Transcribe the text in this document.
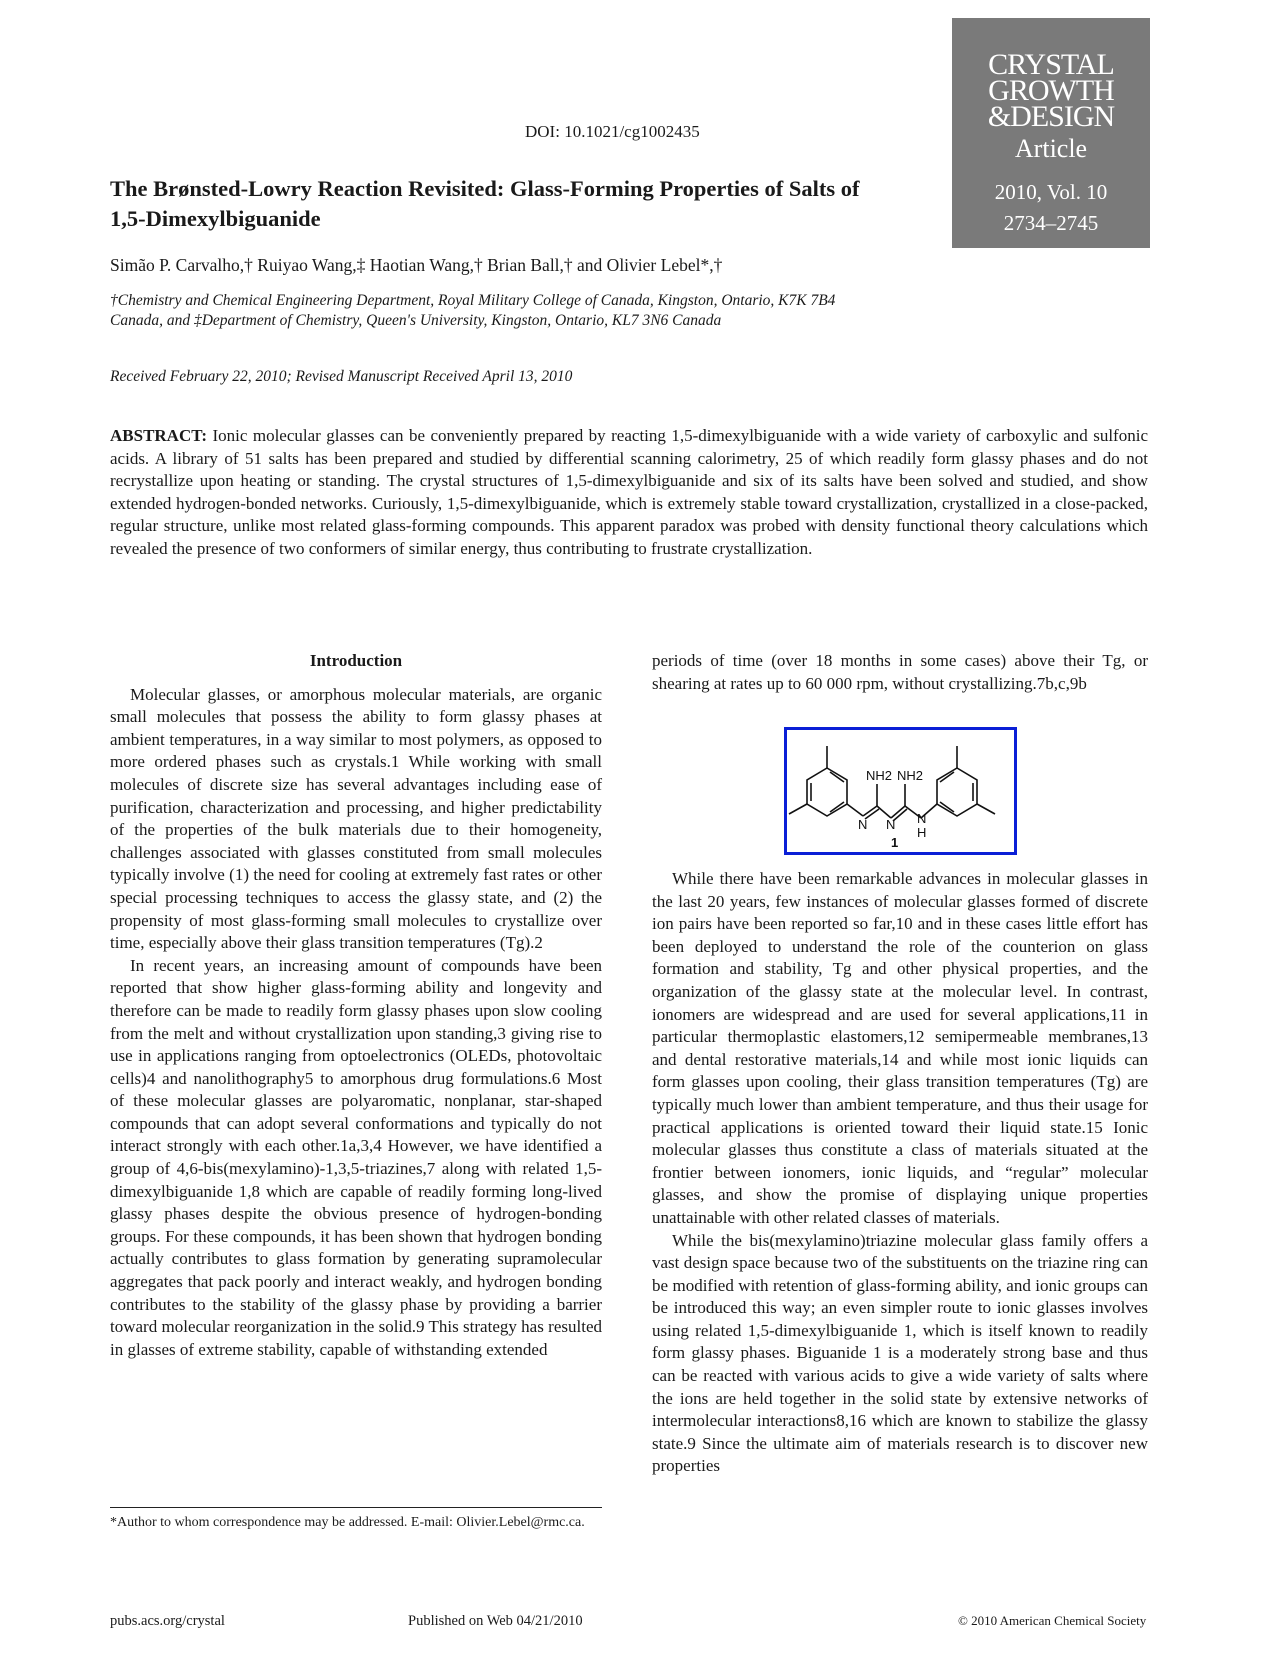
DOI: 10.1021/cg1002435
CRYSTAL
GROWTH
&DESIGN
Article
2010, Vol. 10
2734–2745
The Brønsted-Lowry Reaction Revisited: Glass-Forming Properties of Salts of 1,5-Dimexylbiguanide
Simão P. Carvalho,† Ruiyao Wang,‡ Haotian Wang,† Brian Ball,† and Olivier Lebel*,†
†Chemistry and Chemical Engineering Department, Royal Military College of Canada, Kingston, Ontario, K7K 7B4 Canada, and ‡Department of Chemistry, Queen's University, Kingston, Ontario, KL7 3N6 Canada
Received February 22, 2010; Revised Manuscript Received April 13, 2010
ABSTRACT: Ionic molecular glasses can be conveniently prepared by reacting 1,5-dimexylbiguanide with a wide variety of carboxylic and sulfonic acids. A library of 51 salts has been prepared and studied by differential scanning calorimetry, 25 of which readily form glassy phases and do not recrystallize upon heating or standing. The crystal structures of 1,5-dimexylbiguanide and six of its salts have been solved and studied, and show extended hydrogen-bonded networks. Curiously, 1,5-dimexylbiguanide, which is extremely stable toward crystallization, crystallized in a close-packed, regular structure, unlike most related glass-forming compounds. This apparent paradox was probed with density functional theory calculations which revealed the presence of two conformers of similar energy, thus contributing to frustrate crystallization.
Introduction

Molecular glasses, or amorphous molecular materials, are organic small molecules that possess the ability to form glassy phases at ambient temperatures, in a way similar to most polymers, as opposed to more ordered phases such as crystals.1 While working with small molecules of discrete size has several advantages including ease of purification, characterization and processing, and higher predictability of the properties of the bulk materials due to their homogeneity, challenges associated with glasses constituted from small molecules typically involve (1) the need for cooling at extremely fast rates or other special processing techniques to access the glassy state, and (2) the propensity of most glass-forming small molecules to crystallize over time, especially above their glass transition temperatures (Tg).2

In recent years, an increasing amount of compounds have been reported that show higher glass-forming ability and longevity and therefore can be made to readily form glassy phases upon slow cooling from the melt and without crystallization upon standing,3 giving rise to use in applications ranging from optoelectronics (OLEDs, photovoltaic cells)4 and nanolithography5 to amorphous drug formulations.6 Most of these molecular glasses are polyaromatic, nonplanar, star-shaped compounds that can adopt several conformations and typically do not interact strongly with each other.1a,3,4 However, we have identified a group of 4,6-bis(mexylamino)-1,3,5-triazines,7 along with related 1,5-dimexylbiguanide 1,8 which are capable of readily forming long-lived glassy phases despite the obvious presence of hydrogen-bonding groups. For these compounds, it has been shown that hydrogen bonding actually contributes to glass formation by generating supramolecular aggregates that pack poorly and interact weakly, and hydrogen bonding contributes to the stability of the glassy phase by providing a barrier toward molecular reorganization in the solid.9 This strategy has resulted in glasses of extreme stability, capable of withstanding extended

periods of time (over 18 months in some cases) above their Tg, or shearing at rates up to 60 000 rpm, without crystallizing.7b,c,9b

NH2 NH2
N N N
H
1

While there have been remarkable advances in molecular glasses in the last 20 years, few instances of molecular glasses formed of discrete ion pairs have been reported so far,10 and in these cases little effort has been deployed to understand the role of the counterion on glass formation and stability, Tg and other physical properties, and the organization of the glassy state at the molecular level. In contrast, ionomers are widespread and are used for several applications,11 in particular thermoplastic elastomers,12 semipermeable membranes,13 and dental restorative materials,14 and while most ionic liquids can form glasses upon cooling, their glass transition temperatures (Tg) are typically much lower than ambient temperature, and thus their usage for practical applications is oriented toward their liquid state.15 Ionic molecular glasses thus constitute a class of materials situated at the frontier between ionomers, ionic liquids, and “regular” molecular glasses, and show the promise of displaying unique properties unattainable with other related classes of materials.

While the bis(mexylamino)triazine molecular glass family offers a vast design space because two of the substituents on the triazine ring can be modified with retention of glass-forming ability, and ionic groups can be introduced this way; an even simpler route to ionic glasses involves using related 1,5-dimexylbiguanide 1, which is itself known to readily form glassy phases. Biguanide 1 is a moderately strong base and thus can be reacted with various acids to give a wide variety of salts where the ions are held together in the solid state by extensive networks of intermolecular interactions8,16 which are known to stabilize the glassy state.9 Since the ultimate aim of materials research is to discover new properties

*Author to whom correspondence may be addressed. E-mail: Olivier.Lebel@rmc.ca.
pubs.acs.org/crystal	Published on Web 04/21/2010	© 2010 American Chemical Society
